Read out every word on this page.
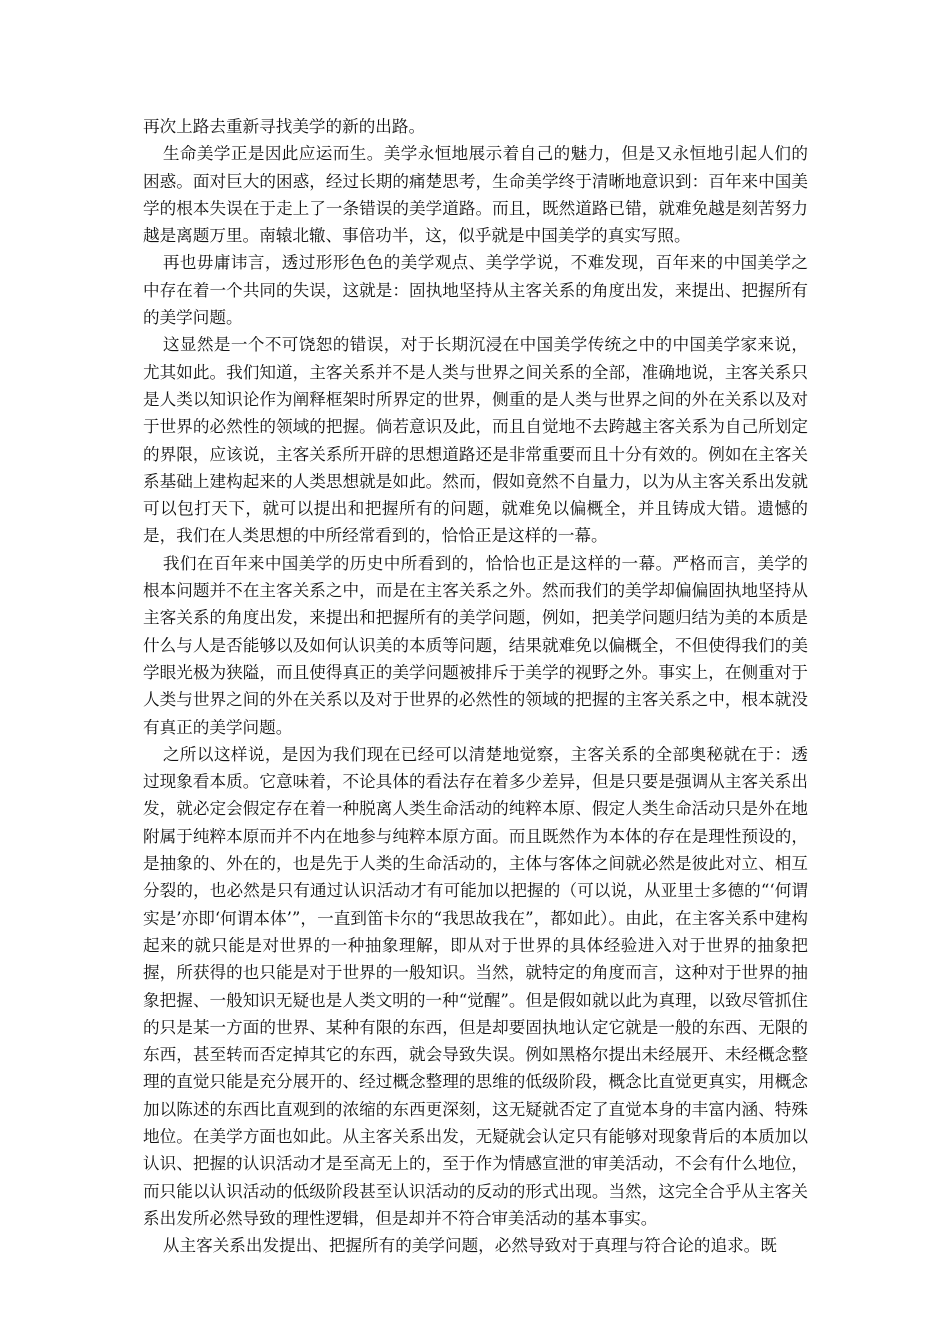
再次上路去重新寻找美学的新的出路。

生命美学正是因此应运而生。美学永恒地展示着自己的魅力，但是又永恒地引起人们的困惑。面对巨大的困惑，经过长期的痛楚思考，生命美学终于清晰地意识到：百年来中国美学的根本失误在于走上了一条错误的美学道路。而且，既然道路已错，就难免越是刻苦努力越是离题万里。南辕北辙、事倍功半，这，似乎就是中国美学的真实写照。

再也毋庸讳言，透过形形色色的美学观点、美学学说，不难发现，百年来的中国美学之中存在着一个共同的失误，这就是：固执地坚持从主客关系的角度出发，来提出、把握所有的美学问题。

这显然是一个不可饶恕的错误，对于长期沉浸在中国美学传统之中的中国美学家来说，尤其如此。我们知道，主客关系并不是人类与世界之间关系的全部，准确地说，主客关系只是人类以知识论作为阐释框架时所界定的世界，侧重的是人类与世界之间的外在关系以及对于世界的必然性的领域的把握。倘若意识及此，而且自觉地不去跨越主客关系为自己所划定的界限，应该说，主客关系所开辟的思想道路还是非常重要而且十分有效的。例如在主客关系基础上建构起来的人类思想就是如此。然而，假如竟然不自量力，以为从主客关系出发就可以包打天下，就可以提出和把握所有的问题，就难免以偏概全，并且铸成大错。遗憾的是，我们在人类思想的中所经常看到的，恰恰正是这样的一幕。

我们在百年来中国美学的历史中所看到的，恰恰也正是这样的一幕。严格而言，美学的根本问题并不在主客关系之中，而是在主客关系之外。然而我们的美学却偏偏固执地坚持从主客关系的角度出发，来提出和把握所有的美学问题，例如，把美学问题归结为美的本质是什么与人是否能够以及如何认识美的本质等问题，结果就难免以偏概全，不但使得我们的美学眼光极为狭隘，而且使得真正的美学问题被排斥于美学的视野之外。事实上，在侧重对于人类与世界之间的外在关系以及对于世界的必然性的领域的把握的主客关系之中，根本就没有真正的美学问题。

之所以这样说，是因为我们现在已经可以清楚地觉察，主客关系的全部奥秘就在于：透过现象看本质。它意味着，不论具体的看法存在着多少差异，但是只要是强调从主客关系出发，就必定会假定存在着一种脱离人类生命活动的纯粹本原、假定人类生命活动只是外在地附属于纯粹本原而并不内在地参与纯粹本原方面。而且既然作为本体的存在是理性预设的，是抽象的、外在的，也是先于人类的生命活动的，主体与客体之间就必然是彼此对立、相互分裂的，也必然是只有通过认识活动才有可能加以把握的（可以说，从亚里士多德的“‘何谓实是’亦即‘何谓本体’”，一直到笛卡尔的“我思故我在”，都如此）。由此，在主客关系中建构起来的就只能是对世界的一种抽象理解，即从对于世界的具体经验进入对于世界的抽象把握，所获得的也只能是对于世界的一般知识。当然，就特定的角度而言，这种对于世界的抽象把握、一般知识无疑也是人类文明的一种“觉醒”。但是假如就以此为真理，以致尽管抓住的只是某一方面的世界、某种有限的东西，但是却要固执地认定它就是一般的东西、无限的东西，甚至转而否定掉其它的东西，就会导致失误。例如黑格尔提出未经展开、未经概念整理的直觉只能是充分展开的、经过概念整理的思维的低级阶段，概念比直觉更真实，用概念加以陈述的东西比直观到的浓缩的东西更深刻，这无疑就否定了直觉本身的丰富内涵、特殊地位。在美学方面也如此。从主客关系出发，无疑就会认定只有能够对现象背后的本质加以认识、把握的认识活动才是至高无上的，至于作为情感宣泄的审美活动，不会有什么地位，而只能以认识活动的低级阶段甚至认识活动的反动的形式出现。当然，这完全合乎从主客关系出发所必然导致的理性逻辑，但是却并不符合审美活动的基本事实。

从主客关系出发提出、把握所有的美学问题，必然导致对于真理与符合论的追求。既
